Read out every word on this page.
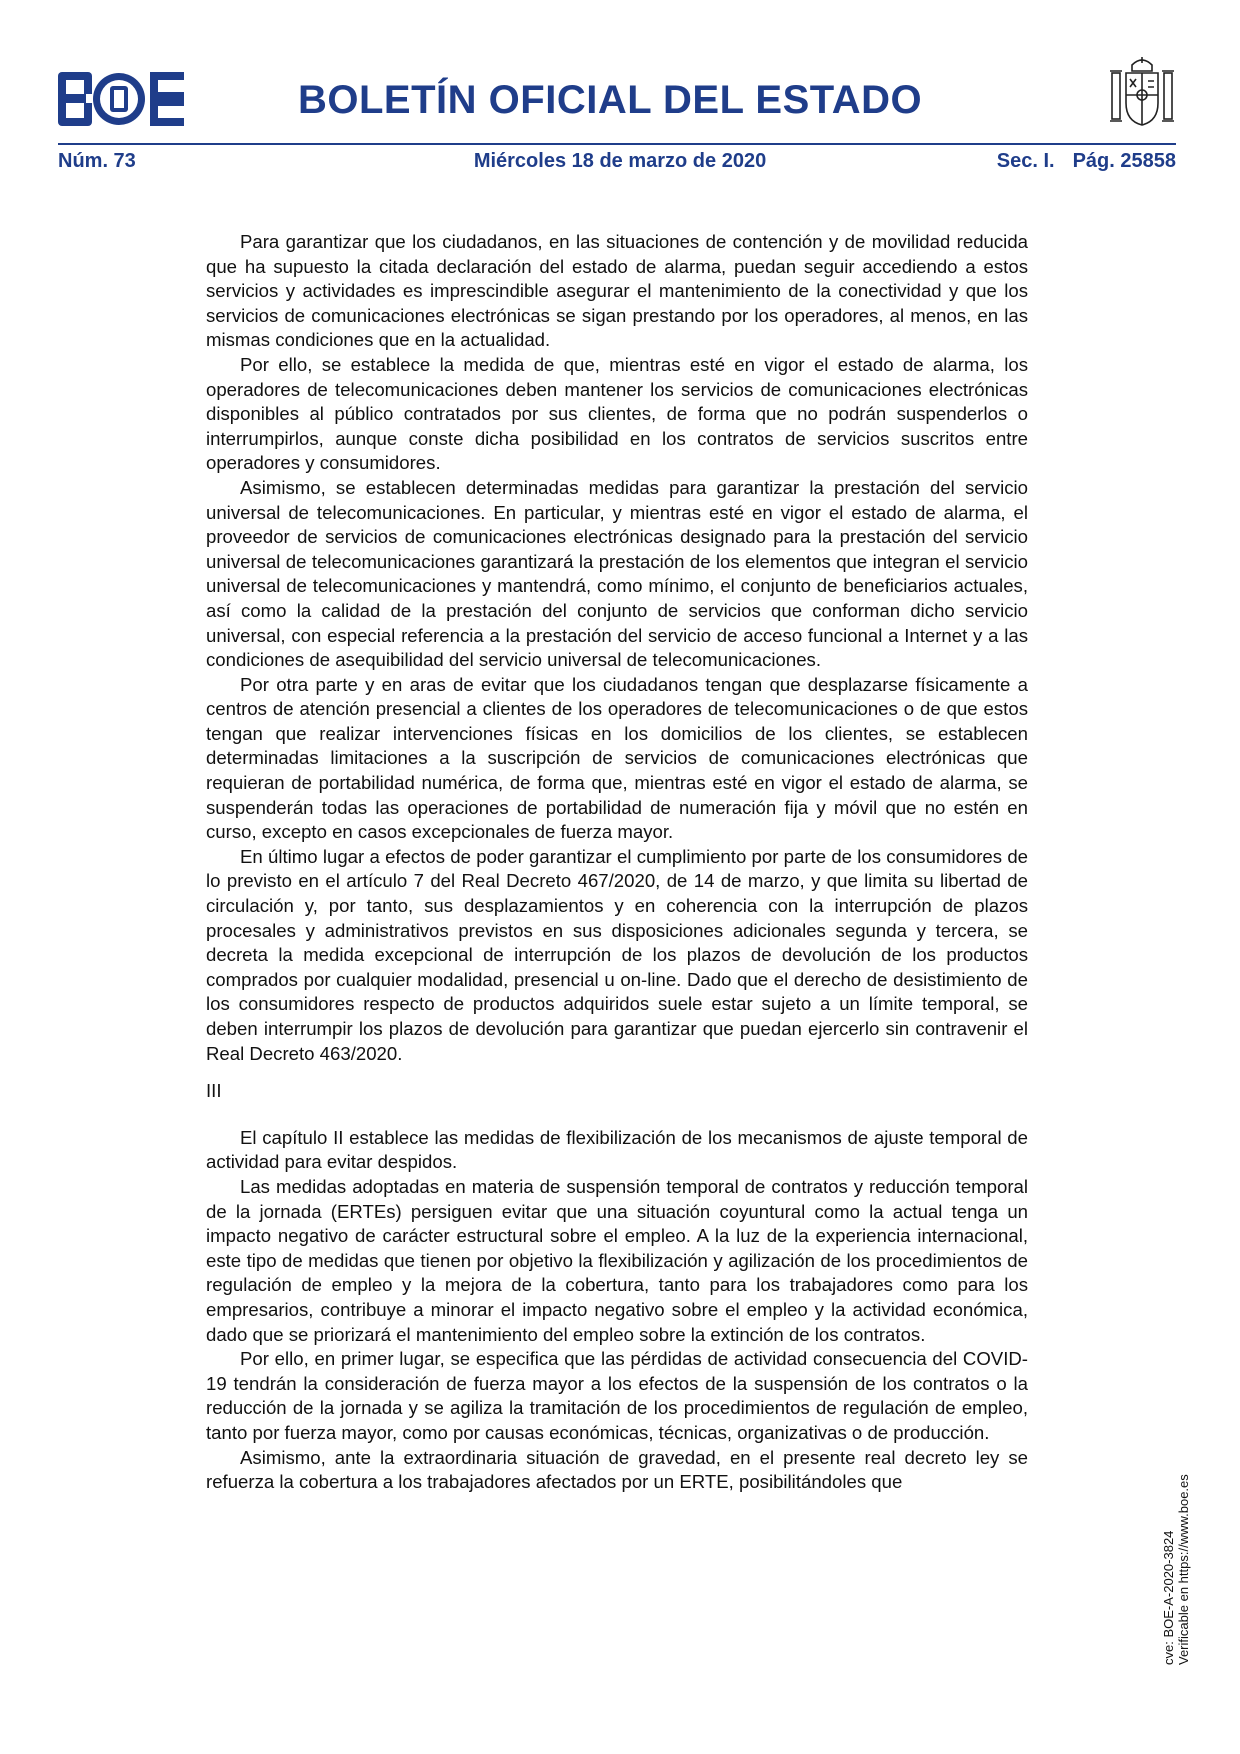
BOLETÍN OFICIAL DEL ESTADO
Núm. 73	Miércoles 18 de marzo de 2020	Sec. I. Pág. 25858

Para garantizar que los ciudadanos, en las situaciones de contención y de movilidad reducida que ha supuesto la citada declaración del estado de alarma, puedan seguir accediendo a estos servicios y actividades es imprescindible asegurar el mantenimiento de la conectividad y que los servicios de comunicaciones electrónicas se sigan prestando por los operadores, al menos, en las mismas condiciones que en la actualidad.

Por ello, se establece la medida de que, mientras esté en vigor el estado de alarma, los operadores de telecomunicaciones deben mantener los servicios de comunicaciones electrónicas disponibles al público contratados por sus clientes, de forma que no podrán suspenderlos o interrumpirlos, aunque conste dicha posibilidad en los contratos de servicios suscritos entre operadores y consumidores.

Asimismo, se establecen determinadas medidas para garantizar la prestación del servicio universal de telecomunicaciones. En particular, y mientras esté en vigor el estado de alarma, el proveedor de servicios de comunicaciones electrónicas designado para la prestación del servicio universal de telecomunicaciones garantizará la prestación de los elementos que integran el servicio universal de telecomunicaciones y mantendrá, como mínimo, el conjunto de beneficiarios actuales, así como la calidad de la prestación del conjunto de servicios que conforman dicho servicio universal, con especial referencia a la prestación del servicio de acceso funcional a Internet y a las condiciones de asequibilidad del servicio universal de telecomunicaciones.

Por otra parte y en aras de evitar que los ciudadanos tengan que desplazarse físicamente a centros de atención presencial a clientes de los operadores de telecomunicaciones o de que estos tengan que realizar intervenciones físicas en los domicilios de los clientes, se establecen determinadas limitaciones a la suscripción de servicios de comunicaciones electrónicas que requieran de portabilidad numérica, de forma que, mientras esté en vigor el estado de alarma, se suspenderán todas las operaciones de portabilidad de numeración fija y móvil que no estén en curso, excepto en casos excepcionales de fuerza mayor.

En último lugar a efectos de poder garantizar el cumplimiento por parte de los consumidores de lo previsto en el artículo 7 del Real Decreto 467/2020, de 14 de marzo, y que limita su libertad de circulación y, por tanto, sus desplazamientos y en coherencia con la interrupción de plazos procesales y administrativos previstos en sus disposiciones adicionales segunda y tercera, se decreta la medida excepcional de interrupción de los plazos de devolución de los productos comprados por cualquier modalidad, presencial u on-line. Dado que el derecho de desistimiento de los consumidores respecto de productos adquiridos suele estar sujeto a un límite temporal, se deben interrumpir los plazos de devolución para garantizar que puedan ejercerlo sin contravenir el Real Decreto 463/2020.

III

El capítulo II establece las medidas de flexibilización de los mecanismos de ajuste temporal de actividad para evitar despidos.

Las medidas adoptadas en materia de suspensión temporal de contratos y reducción temporal de la jornada (ERTEs) persiguen evitar que una situación coyuntural como la actual tenga un impacto negativo de carácter estructural sobre el empleo. A la luz de la experiencia internacional, este tipo de medidas que tienen por objetivo la flexibilización y agilización de los procedimientos de regulación de empleo y la mejora de la cobertura, tanto para los trabajadores como para los empresarios, contribuye a minorar el impacto negativo sobre el empleo y la actividad económica, dado que se priorizará el mantenimiento del empleo sobre la extinción de los contratos.

Por ello, en primer lugar, se especifica que las pérdidas de actividad consecuencia del COVID-19 tendrán la consideración de fuerza mayor a los efectos de la suspensión de los contratos o la reducción de la jornada y se agiliza la tramitación de los procedimientos de regulación de empleo, tanto por fuerza mayor, como por causas económicas, técnicas, organizativas o de producción.

Asimismo, ante la extraordinaria situación de gravedad, en el presente real decreto ley se refuerza la cobertura a los trabajadores afectados por un ERTE, posibilitándoles que

cve: BOE-A-2020-3824 Verificable en https://www.boe.es
